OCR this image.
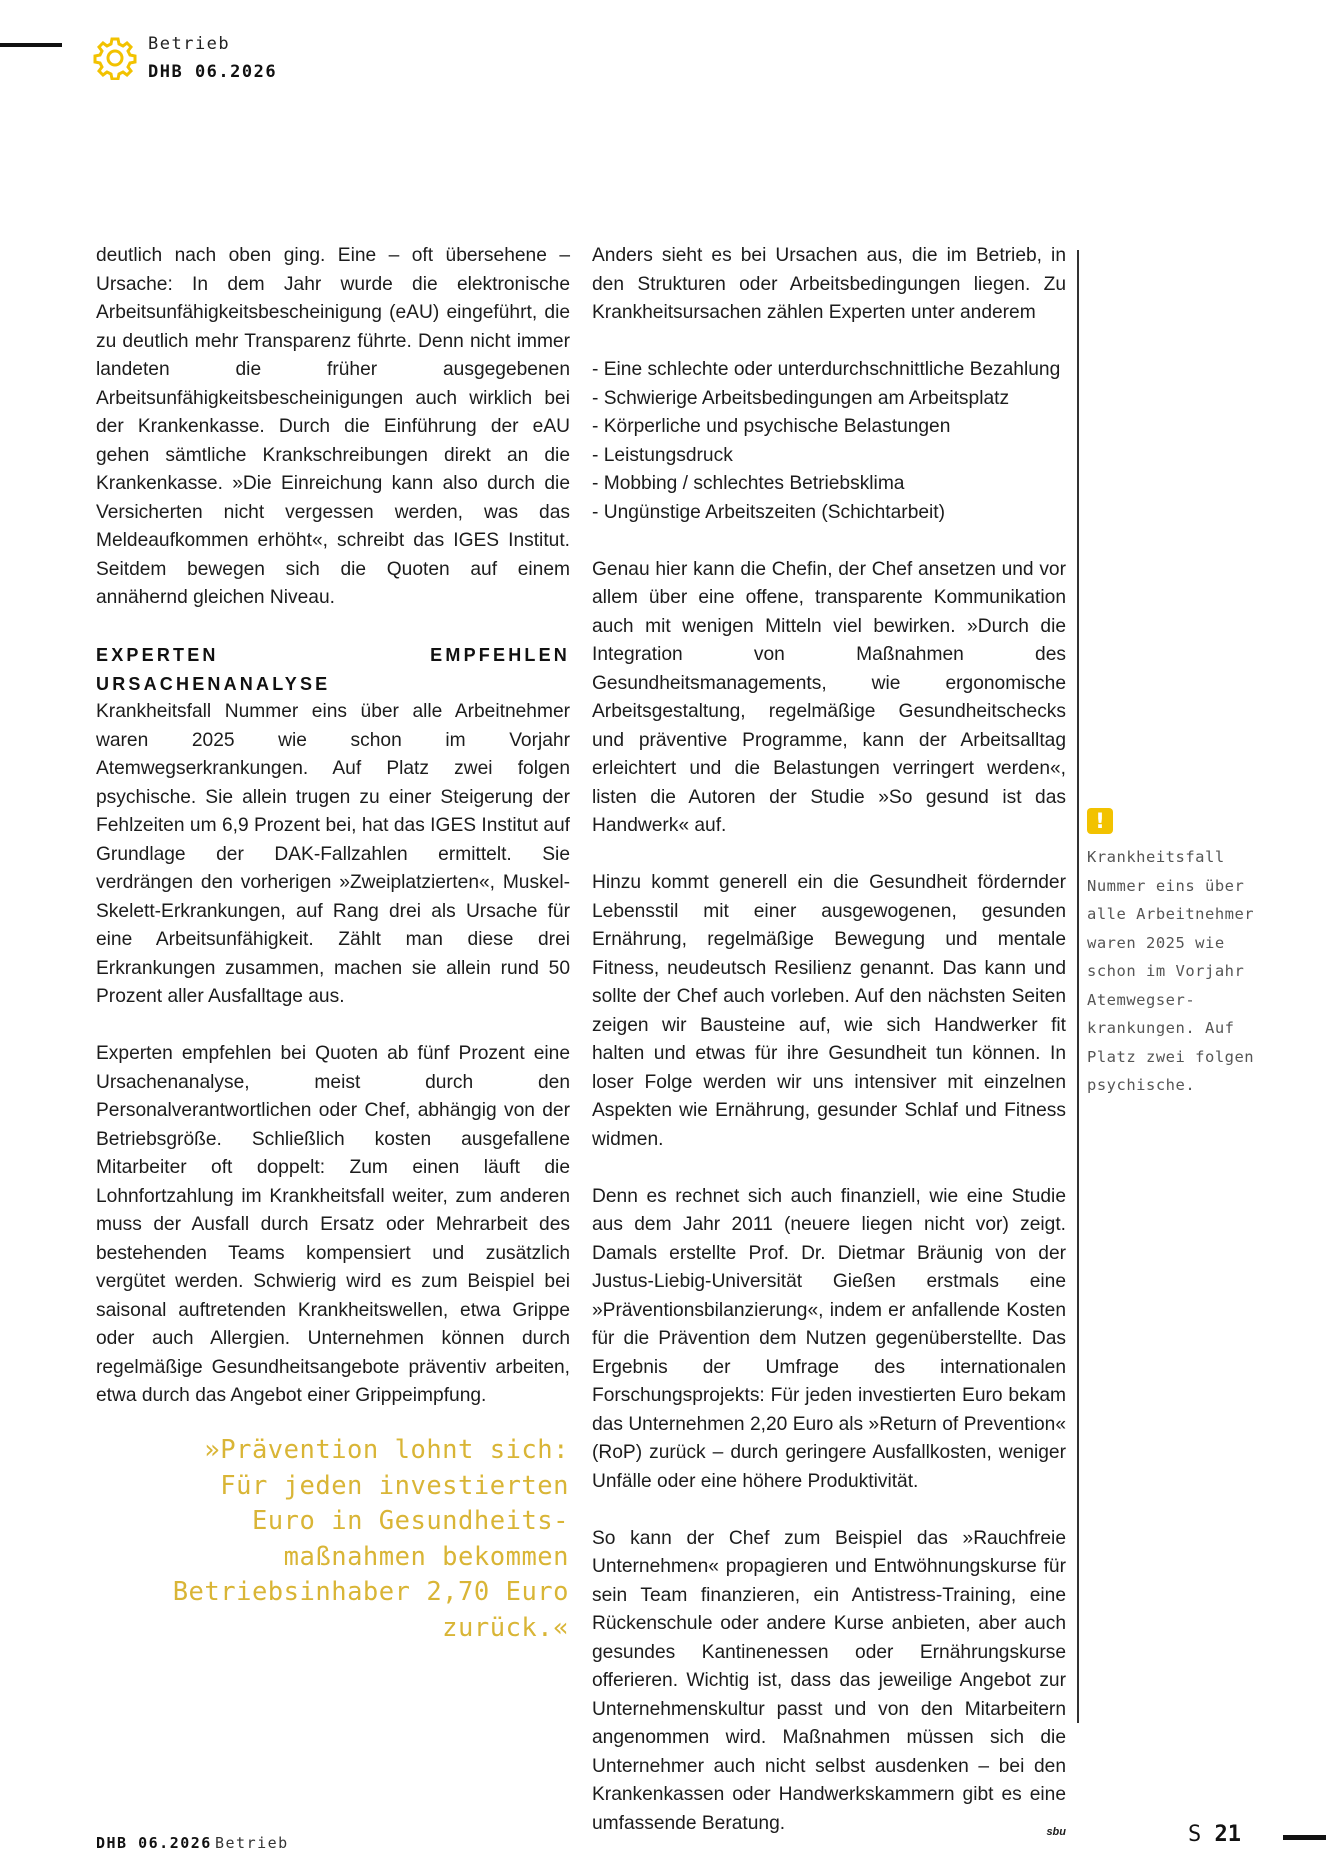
Betrieb
DHB 06.2026

deutlich nach oben ging. Eine – oft übersehene – Ursache: In dem Jahr wurde die elektronische Arbeitsunfähigkeitsbescheinigung (eAU) eingeführt, die zu deutlich mehr Transparenz führte. Denn nicht immer landeten die früher ausgegebenen Arbeitsunfähigkeitsbescheinigungen auch wirklich bei der Krankenkasse. Durch die Einführung der eAU gehen sämtliche Krankschreibungen direkt an die Krankenkasse. »Die Einreichung kann also durch die Versicherten nicht vergessen werden, was das Meldeaufkommen erhöht«, schreibt das IGES Institut. Seitdem bewegen sich die Quoten auf einem annähernd gleichen Niveau.

EXPERTEN EMPFEHLEN URSACHENANALYSE

Krankheitsfall Nummer eins über alle Arbeitnehmer waren 2025 wie schon im Vorjahr Atemwegserkrankungen. Auf Platz zwei folgen psychische. Sie allein trugen zu einer Steigerung der Fehlzeiten um 6,9 Prozent bei, hat das IGES Institut auf Grundlage der DAK-Fallzahlen ermittelt. Sie verdrängen den vorherigen »Zweiplatzierten«, Muskel-Skelett-Erkrankungen, auf Rang drei als Ursache für eine Arbeitsunfähigkeit. Zählt man diese drei Erkrankungen zusammen, machen sie allein rund 50 Prozent aller Ausfalltage aus.

Experten empfehlen bei Quoten ab fünf Prozent eine Ursachenanalyse, meist durch den Personalverantwortlichen oder Chef, abhängig von der Betriebsgröße. Schließlich kosten ausgefallene Mitarbeiter oft doppelt: Zum einen läuft die Lohnfortzahlung im Krankheitsfall weiter, zum anderen muss der Ausfall durch Ersatz oder Mehrarbeit des bestehenden Teams kompensiert und zusätzlich vergütet werden. Schwierig wird es zum Beispiel bei saisonal auftretenden Krankheitswellen, etwa Grippe oder auch Allergien. Unternehmen können durch regelmäßige Gesundheitsangebote präventiv arbeiten, etwa durch das Angebot einer Grippeimpfung.

»Prävention lohnt sich: Für jeden investierten Euro in Gesundheits-maßnahmen bekommen Betriebsinhaber 2,70 Euro zurück.«

Anders sieht es bei Ursachen aus, die im Betrieb, in den Strukturen oder Arbeitsbedingungen liegen. Zu Krankheitsursachen zählen Experten unter anderem

- Eine schlechte oder unterdurchschnittliche Bezahlung
- Schwierige Arbeitsbedingungen am Arbeitsplatz
- Körperliche und psychische Belastungen
- Leistungsdruck
- Mobbing / schlechtes Betriebsklima
- Ungünstige Arbeitszeiten (Schichtarbeit)

Genau hier kann die Chefin, der Chef ansetzen und vor allem über eine offene, transparente Kommunikation auch mit wenigen Mitteln viel bewirken. »Durch die Integration von Maßnahmen des Gesundheitsmanagements, wie ergonomische Arbeitsgestaltung, regelmäßige Gesundheitschecks und präventive Programme, kann der Arbeitsalltag erleichtert und die Belastungen verringert werden«, listen die Autoren der Studie »So gesund ist das Handwerk« auf.

Hinzu kommt generell ein die Gesundheit fördernder Lebensstil mit einer ausgewogenen, gesunden Ernährung, regelmäßige Bewegung und mentale Fitness, neudeutsch Resilienz genannt. Das kann und sollte der Chef auch vorleben. Auf den nächsten Seiten zeigen wir Bausteine auf, wie sich Handwerker fit halten und etwas für ihre Gesundheit tun können. In loser Folge werden wir uns intensiver mit einzelnen Aspekten wie Ernährung, gesunder Schlaf und Fitness widmen.

Denn es rechnet sich auch finanziell, wie eine Studie aus dem Jahr 2011 (neuere liegen nicht vor) zeigt. Damals erstellte Prof. Dr. Dietmar Bräunig von der Justus-Liebig-Universität Gießen erstmals eine »Präventionsbilanzierung«, indem er anfallende Kosten für die Prävention dem Nutzen gegenüberstellte. Das Ergebnis der Umfrage des internationalen Forschungsprojekts: Für jeden investierten Euro bekam das Unternehmen 2,20 Euro als »Return of Prevention« (RoP) zurück – durch geringere Ausfallkosten, weniger Unfälle oder eine höhere Produktivität.

So kann der Chef zum Beispiel das »Rauchfreie Unternehmen« propagieren und Entwöhnungskurse für sein Team finanzieren, ein Antistress-Training, eine Rückenschule oder andere Kurse anbieten, aber auch gesundes Kantinenessen oder Ernährungskurse offerieren. Wichtig ist, dass das jeweilige Angebot zur Unternehmenskultur passt und von den Mitarbeitern angenommen wird. Maßnahmen müssen sich die Unternehmer auch nicht selbst ausdenken – bei den Krankenkassen oder Handwerkskammern gibt es eine umfassende Beratung.	sbu

!
Krankheitsfall
Nummer eins über
alle Arbeitnehmer
waren 2025 wie
schon im Vorjahr
Atemwegser-
krankungen. Auf
Platz zwei folgen
psychische.
DHB 06.2026 Betrieb	S 21
